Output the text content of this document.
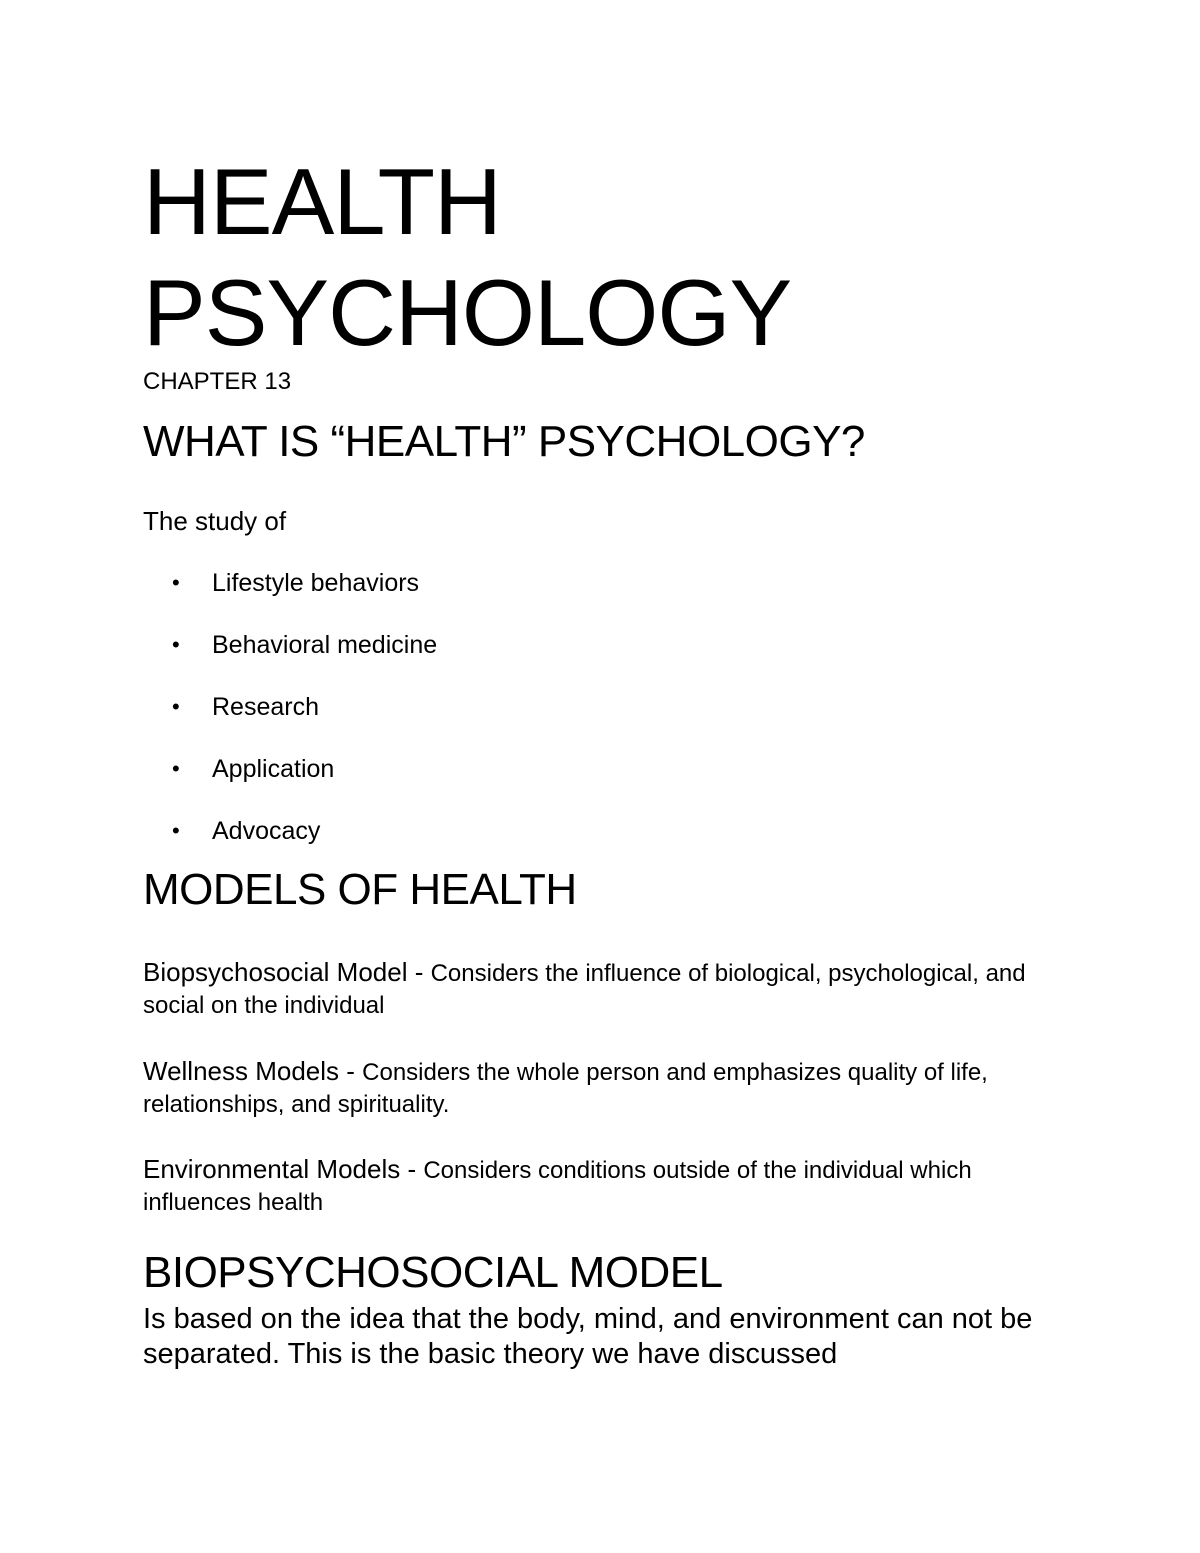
HEALTH
PSYCHOLOGY
CHAPTER 13
WHAT IS “HEALTH” PSYCHOLOGY?
The study of
•	Lifestyle behaviors
•	Behavioral medicine
•	Research
•	Application
•	Advocacy
MODELS OF HEALTH
Biopsychosocial Model - Considers the influence of biological, psychological, and social on the individual
Wellness Models - Considers the whole person and emphasizes quality of life, relationships, and spirituality.
Environmental Models - Considers conditions outside of the individual which influences health
BIOPSYCHOSOCIAL MODEL
Is based on the idea that the body, mind, and environment can not be separated. This is the basic theory we have discussed
